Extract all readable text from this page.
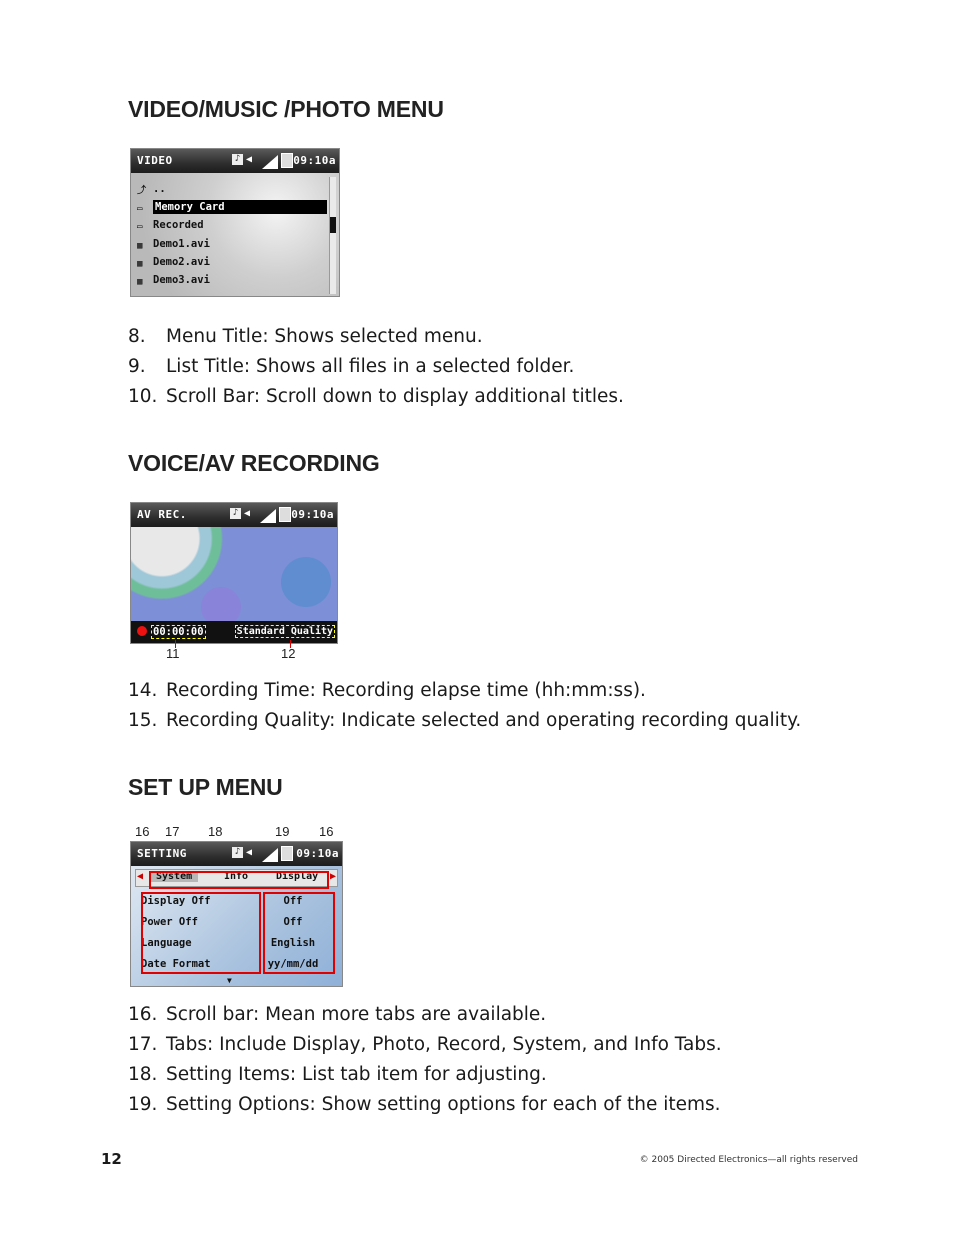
VIDEO/MUSIC /PHOTO MENU
VIDEO	♪ ◀	09:10a
⤴ ..
▭ Memory Card
▭ Recorded
▦ Demo1.avi
▦ Demo2.avi
▦ Demo3.avi
8.	Menu Title: Shows selected menu.
9.	List Title: Shows all files in a selected folder.
10. Scroll Bar: Scroll down to display additional titles.
VOICE/AV RECORDING
AV REC.	♪ ◀	09:10a
00:00:00	Standard Quality
11	12
14. Recording Time: Recording elapse time (hh:mm:ss).
15. Recording Quality: Indicate selected and operating recording quality.
SET UP MENU
16 17 18	19 16
SETTING	♪ ◀	09:10a
◀	System	Info	Display ▶
Display Off	Off
Power Off	Off
Language	English
Date Format	yy/mm/dd
▼
16. Scroll bar: Mean more tabs are available.
17. Tabs: Include Display, Photo, Record, System, and Info Tabs.
18. Setting Items: List tab item for adjusting.
19. Setting Options: Show setting options for each of the items.
12	© 2005 Directed Electronics—all rights reserved
